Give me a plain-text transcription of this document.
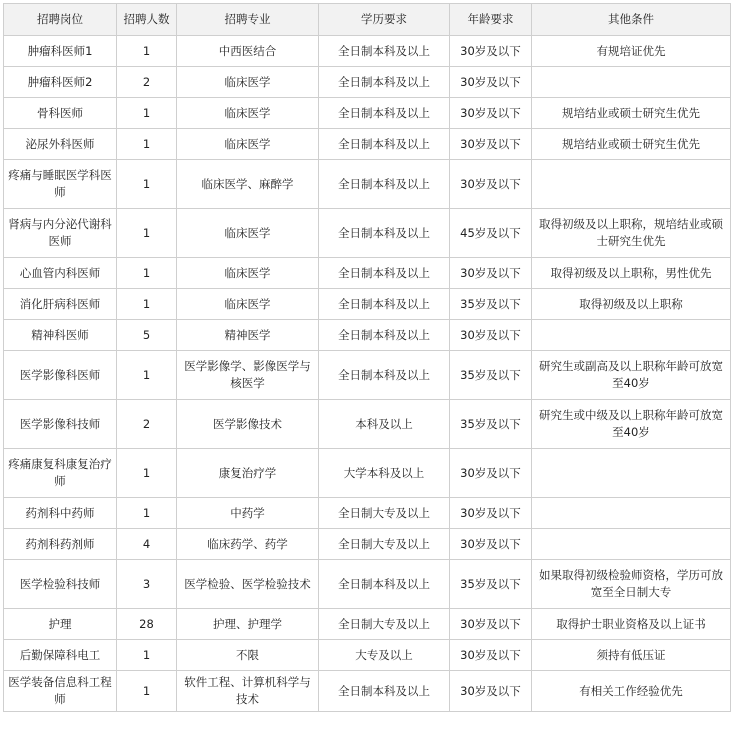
招聘岗位	招聘人数	招聘专业	学历要求	年龄要求	其他条件
肿瘤科医师1	1	中西医结合	全日制本科及以上	30岁及以下	有规培证优先
肿瘤科医师2	2	临床医学	全日制本科及以上	30岁及以下	
骨科医师	1	临床医学	全日制本科及以上	30岁及以下	规培结业或硕士研究生优先
泌尿外科医师	1	临床医学	全日制本科及以上	30岁及以下	规培结业或硕士研究生优先
疼痛与睡眠医学科医师	1	临床医学、麻醉学	全日制本科及以上	30岁及以下	
肾病与内分泌代谢科医师	1	临床医学	全日制本科及以上	45岁及以下	取得初级及以上职称，规培结业或硕士研究生优先
心血管内科医师	1	临床医学	全日制本科及以上	30岁及以下	取得初级及以上职称，男性优先
消化肝病科医师	1	临床医学	全日制本科及以上	35岁及以下	取得初级及以上职称
精神科医师	5	精神医学	全日制本科及以上	30岁及以下	
医学影像科医师	1	医学影像学、影像医学与核医学	全日制本科及以上	35岁及以下	研究生或副高及以上职称年龄可放宽至40岁
医学影像科技师	2	医学影像技术	本科及以上	35岁及以下	研究生或中级及以上职称年龄可放宽至40岁
疼痛康复科康复治疗师	1	康复治疗学	大学本科及以上	30岁及以下	
药剂科中药师	1	中药学	全日制大专及以上	30岁及以下	
药剂科药剂师	4	临床药学、药学	全日制大专及以上	30岁及以下	
医学检验科技师	3	医学检验、医学检验技术	全日制本科及以上	35岁及以下	如果取得初级检验师资格，学历可放宽至全日制大专
护理	28	护理、护理学	全日制大专及以上	30岁及以下	取得护士职业资格及以上证书
后勤保障科电工	1	不限	大专及以上	30岁及以下	须持有低压证
医学装备信息科工程师	1	软件工程、计算机科学与技术	全日制本科及以上	30岁及以下	有相关工作经验优先
